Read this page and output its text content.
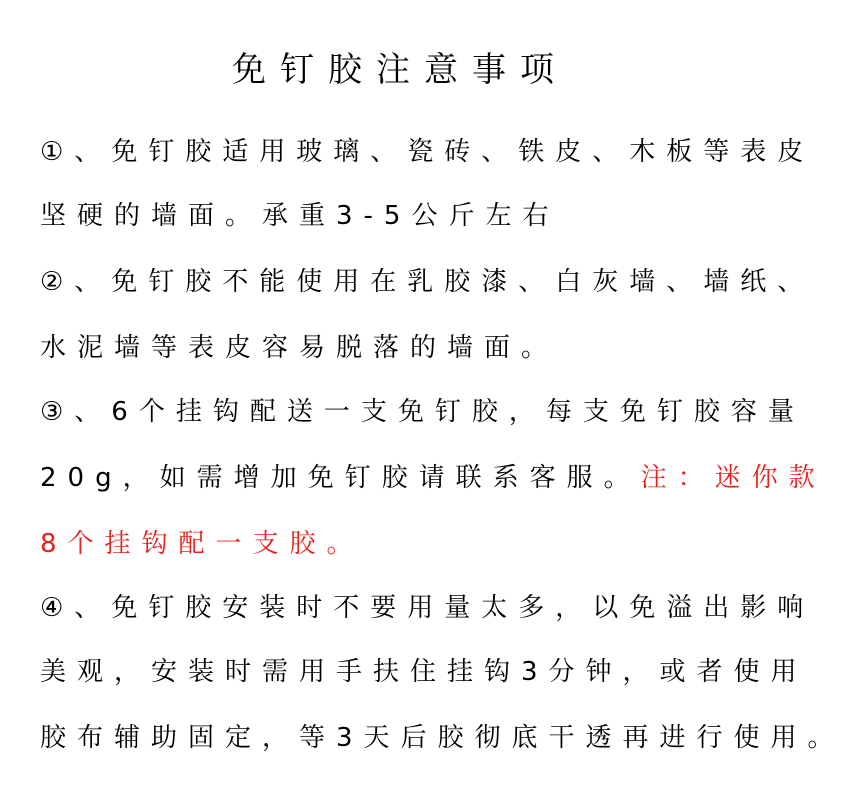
免钉胶注意事项
①、免钉胶适用玻璃、瓷砖、铁皮、木板等表皮
坚硬的墙面。承重3-5公斤左右
②、免钉胶不能使用在乳胶漆、白灰墙、墙纸、
水泥墙等表皮容易脱落的墙面。
③、6个挂钩配送一支免钉胶，每支免钉胶容量
20g，如需增加免钉胶请联系客服。注：迷你款
8个挂钩配一支胶。
④、免钉胶安装时不要用量太多，以免溢出影响
美观，安装时需用手扶住挂钩3分钟，或者使用
胶布辅助固定，等3天后胶彻底干透再进行使用。
